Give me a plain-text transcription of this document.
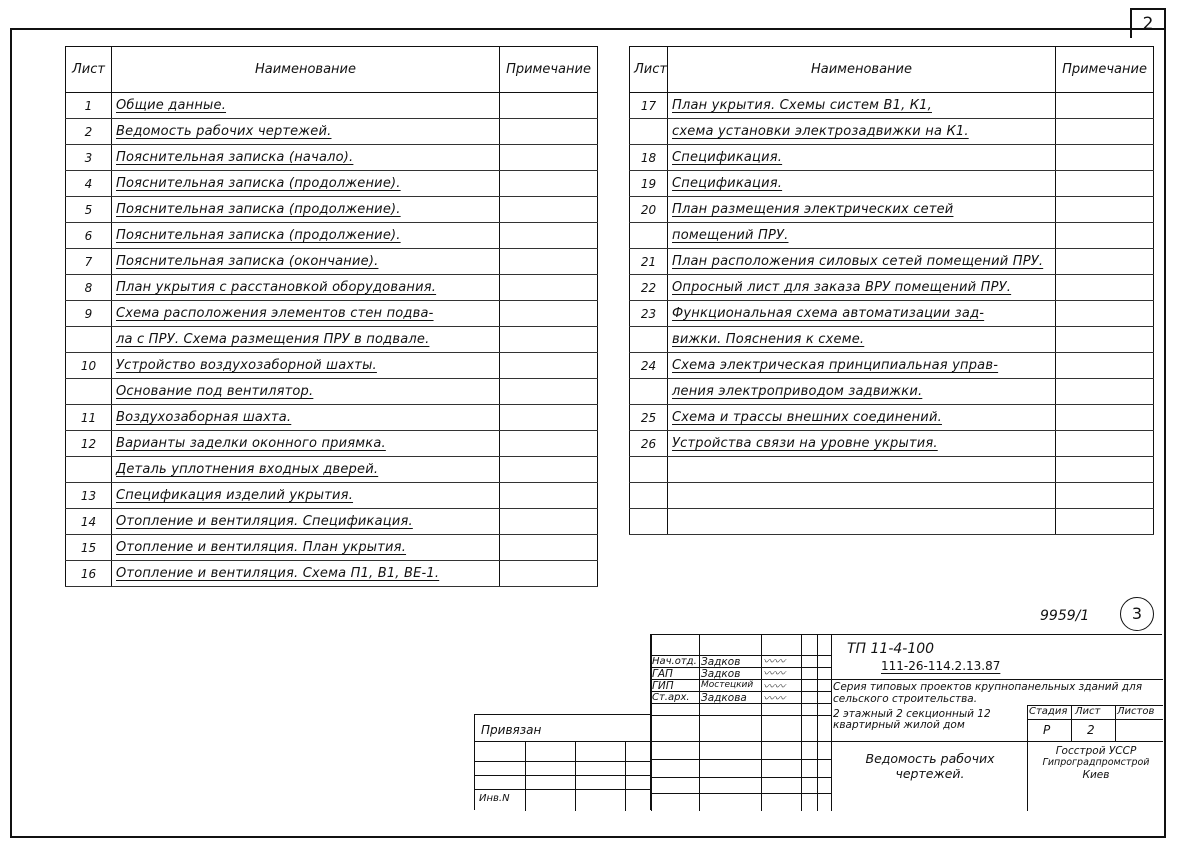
2
Лист	Наименование	Примечание
1	Общие данные.	
2	Ведомость рабочих чертежей.	
3	Пояснительная записка (начало).	
4	Пояснительная записка (продолжение).	
5	Пояснительная записка (продолжение).	
6	Пояснительная записка (продолжение).	
7	Пояснительная записка (окончание).	
8	План укрытия с расстановкой оборудования.	
9	Схема расположения элементов стен подва-	
	ла с ПРУ. Схема размещения ПРУ в подвале.	
10	Устройство воздухозаборной шахты.	
	Основание под вентилятор.	
11	Воздухозаборная шахта.	
12	Варианты заделки оконного приямка.	
	Деталь уплотнения входных дверей.	
13	Спецификация изделий укрытия.	
14	Отопление и вентиляция. Спецификация.	
15	Отопление и вентиляция. План укрытия.	
16	Отопление и вентиляция. Схема П1, В1, ВЕ-1.	
Лист	Наименование	Примечание
17	План укрытия. Схемы систем В1, К1,	
	схема установки электрозадвижки на К1.	
18	Спецификация.	
19	Спецификация.	
20	План размещения электрических сетей	
	помещений ПРУ.	
21	План расположения силовых сетей помещений ПРУ.	
22	Опросный лист для заказа ВРУ помещений ПРУ.	
23	Функциональная схема автоматизации зад-	
	вижки. Пояснения к схеме.	
24	Схема электрическая принципиальная управ-	
	ления электроприводом задвижки.	
25	Схема и трассы внешних соединений.	
26	Устройства связи на уровне укрытия.	

9959/1	3
Привязан
Инв.N
Нач.отд. Задков
ГАП	Задков
ГИП	Мостецкий
Ст.арх. Задкова
〰〰
〰〰
〰〰
〰〰
ТП 11-4-100
111-26-114.2.13.87
Серия типовых проектов крупнопанельных зданий для сельского строительства.
2 этажный 2 секционный 12 квартирный жилой дом
Стадия Лист Листов
Р	2
Ведомость рабочих чертежей.
Госстрой УССР
Гипроградпромстрой
Киев
